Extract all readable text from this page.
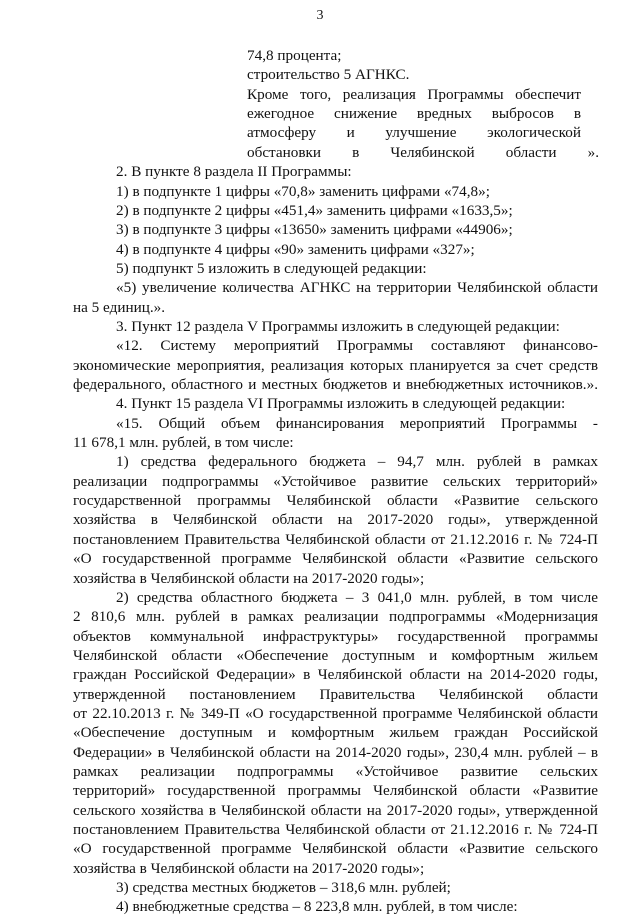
3
74,8 процента;
строительство 5 АГНКС.
Кроме того, реализация Программы обеспечит
ежегодное снижение вредных выбросов в
атмосферу и улучшение экологической
обстановки в Челябинской области ».
2. В пункте 8 раздела II Программы:
1) в подпункте 1 цифры «70,8» заменить цифрами «74,8»;
2) в подпункте 2 цифры «451,4» заменить цифрами «1633,5»;
3) в подпункте 3 цифры «13650» заменить цифрами «44906»;
4) в подпункте 4 цифры «90» заменить цифрами «327»;
5) подпункт 5 изложить в следующей редакции:
«5) увеличение количества АГНКС на территории Челябинской области
на 5 единиц.».
3. Пункт 12 раздела V Программы изложить в следующей редакции:
«12. Систему мероприятий Программы составляют финансово-
экономические мероприятия, реализация которых планируется за счет средств
федерального, областного и местных бюджетов и внебюджетных источников.».
4. Пункт 15 раздела VI Программы изложить в следующей редакции:
«15. Общий объем финансирования мероприятий Программы -
11 678,1 млн. рублей, в том числе:
1) средства федерального бюджета – 94,7 млн. рублей в рамках
реализации подпрограммы «Устойчивое развитие сельских территорий»
государственной программы Челябинской области «Развитие сельского
хозяйства в Челябинской области на 2017-2020 годы», утвержденной
постановлением Правительства Челябинской области от 21.12.2016 г. № 724-П
«О государственной программе Челябинской области «Развитие сельского
хозяйства в Челябинской области на 2017-2020 годы»;
2) средства областного бюджета – 3 041,0 млн. рублей, в том числе
2 810,6 млн. рублей в рамках реализации подпрограммы «Модернизация
объектов коммунальной инфраструктуры» государственной программы
Челябинской области «Обеспечение доступным и комфортным жильем
граждан Российской Федерации» в Челябинской области на 2014-2020 годы,
утвержденной постановлением Правительства Челябинской области
от 22.10.2013 г. № 349-П «О государственной программе Челябинской области
«Обеспечение доступным и комфортным жильем граждан Российской
Федерации» в Челябинской области на 2014-2020 годы», 230,4 млн. рублей – в
рамках реализации подпрограммы «Устойчивое развитие сельских
территорий» государственной программы Челябинской области «Развитие
сельского хозяйства в Челябинской области на 2017-2020 годы», утвержденной
постановлением Правительства Челябинской области от 21.12.2016 г. № 724-П
«О государственной программе Челябинской области «Развитие сельского
хозяйства в Челябинской области на 2017-2020 годы»;
3) средства местных бюджетов – 318,6 млн. рублей;
4) внебюджетные средства – 8 223,8 млн. рублей, в том числе:
